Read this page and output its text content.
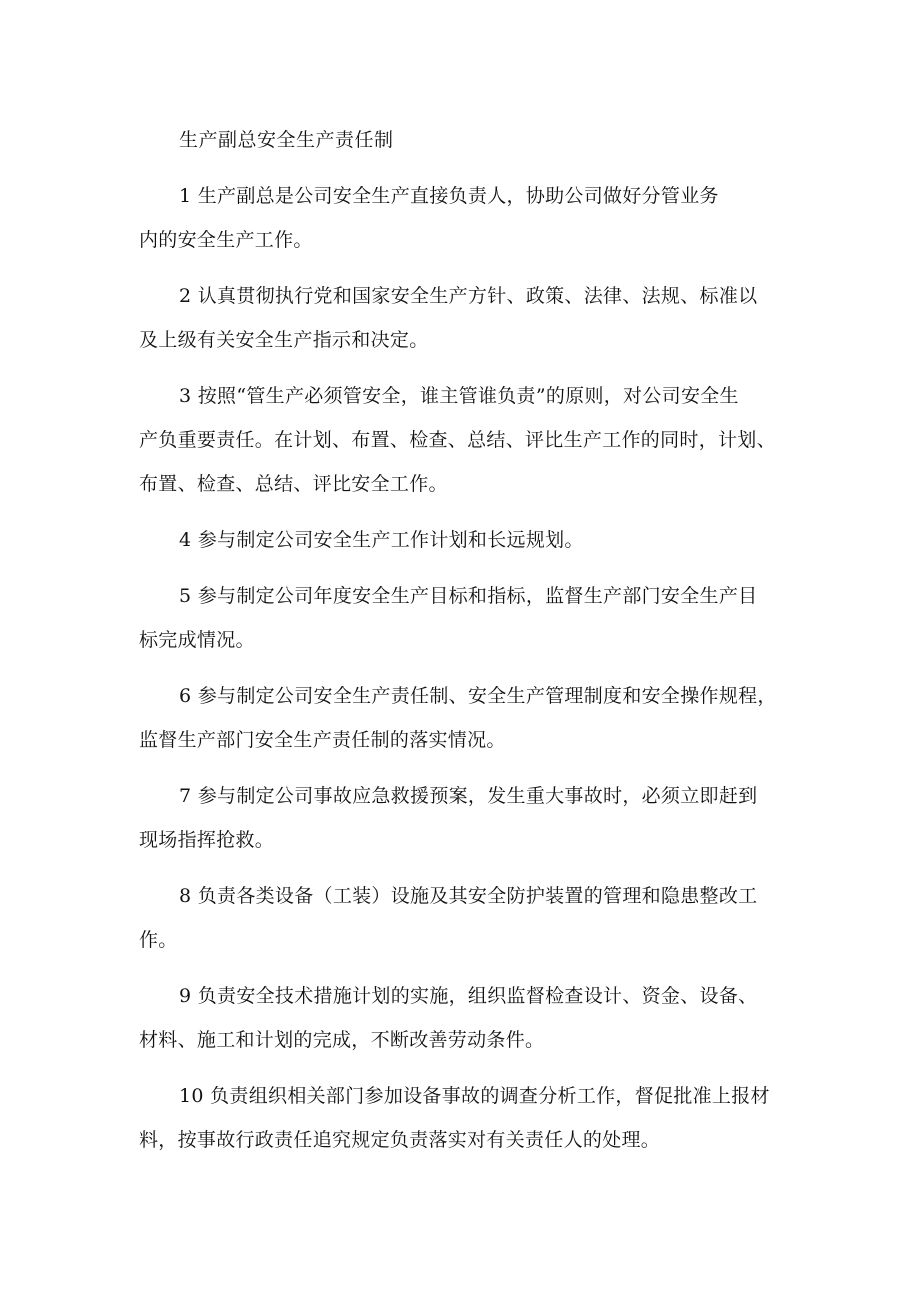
生产副总安全生产责任制
1 生产副总是公司安全生产直接负责人，协助公司做好分管业务
内的安全生产工作。
2 认真贯彻执行党和国家安全生产方针、政策、法律、法规、标准以
及上级有关安全生产指示和决定。
3 按照“管生产必须管安全，谁主管谁负责”的原则，对公司安全生
产负重要责任。在计划、布置、检查、总结、评比生产工作的同时，计划、
布置、检查、总结、评比安全工作。
4 参与制定公司安全生产工作计划和长远规划。
5 参与制定公司年度安全生产目标和指标，监督生产部门安全生产目
标完成情况。
6 参与制定公司安全生产责任制、安全生产管理制度和安全操作规程，
监督生产部门安全生产责任制的落实情况。
7 参与制定公司事故应急救援预案，发生重大事故时，必须立即赶到
现场指挥抢救。
8 负责各类设备（工装）设施及其安全防护装置的管理和隐患整改工
作。
9 负责安全技术措施计划的实施，组织监督检查设计、资金、设备、
材料、施工和计划的完成，不断改善劳动条件。
10 负责组织相关部门参加设备事故的调查分析工作，督促批准上报材
料，按事故行政责任追究规定负责落实对有关责任人的处理。
